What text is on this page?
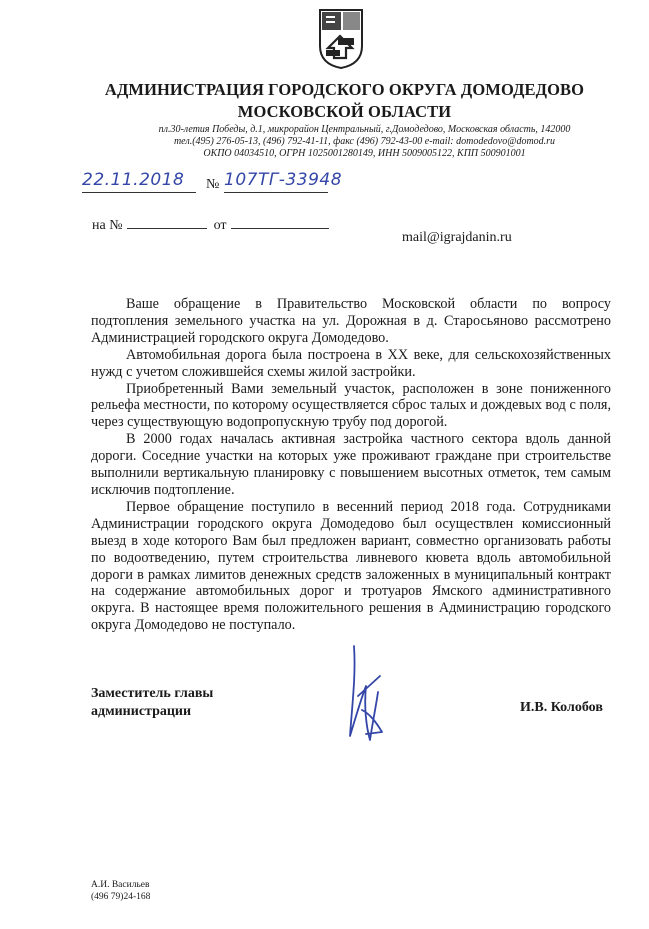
АДМИНИСТРАЦИЯ ГОРОДСКОГО ОКРУГА ДОМОДЕДОВО
МОСКОВСКОЙ ОБЛАСТИ
пл.30-летия Победы, д.1, микрорайон Центральный, г.Домодедово, Московская область, 142000
тел.(495) 276-05-13, (496) 792-41-11, факс (496) 792-43-00 e-mail: domodedovo@domod.ru
ОКПО 04034510, ОГРН 1025001280149, ИНН 5009005122, КПП 500901001
22.11.2018	№ 107ТГ-33948
на №	от
mail@igrajdanin.ru

Ваше обращение в Правительство Московской области по вопросу подтопления земельного участка на ул. Дорожная в д. Старосьяново рассмотрено Администрацией городского округа Домодедово.

Автомобильная дорога была построена в XX веке, для сельскохозяйственных нужд с учетом сложившейся схемы жилой застройки.

Приобретенный Вами земельный участок, расположен в зоне пониженного рельефа местности, по которому осуществляется сброс талых и дождевых вод с поля, через существующую водопропускную трубу под дорогой.

В 2000 годах началась активная застройка частного сектора вдоль данной дороги. Соседние участки на которых уже проживают граждане при строительстве выполнили вертикальную планировку с повышением высотных отметок, тем самым исключив подтопление.

Первое обращение поступило в весенний период 2018 года. Сотрудниками Администрации городского округа Домодедово был осуществлен комиссионный выезд в ходе которого Вам был предложен вариант, совместно организовать работы по водоотведению, путем строительства ливневого кювета вдоль автомобильной дороги в рамках лимитов денежных средств заложенных в муниципальный контракт на содержание автомобильных дорог и тротуаров Ямского административного округа. В настоящее время положительного решения в Администрацию городского округа Домодедово не поступало.

Заместитель главы
администрации	И.В. Колобов
А.И. Васильев
(496 79)24-168
